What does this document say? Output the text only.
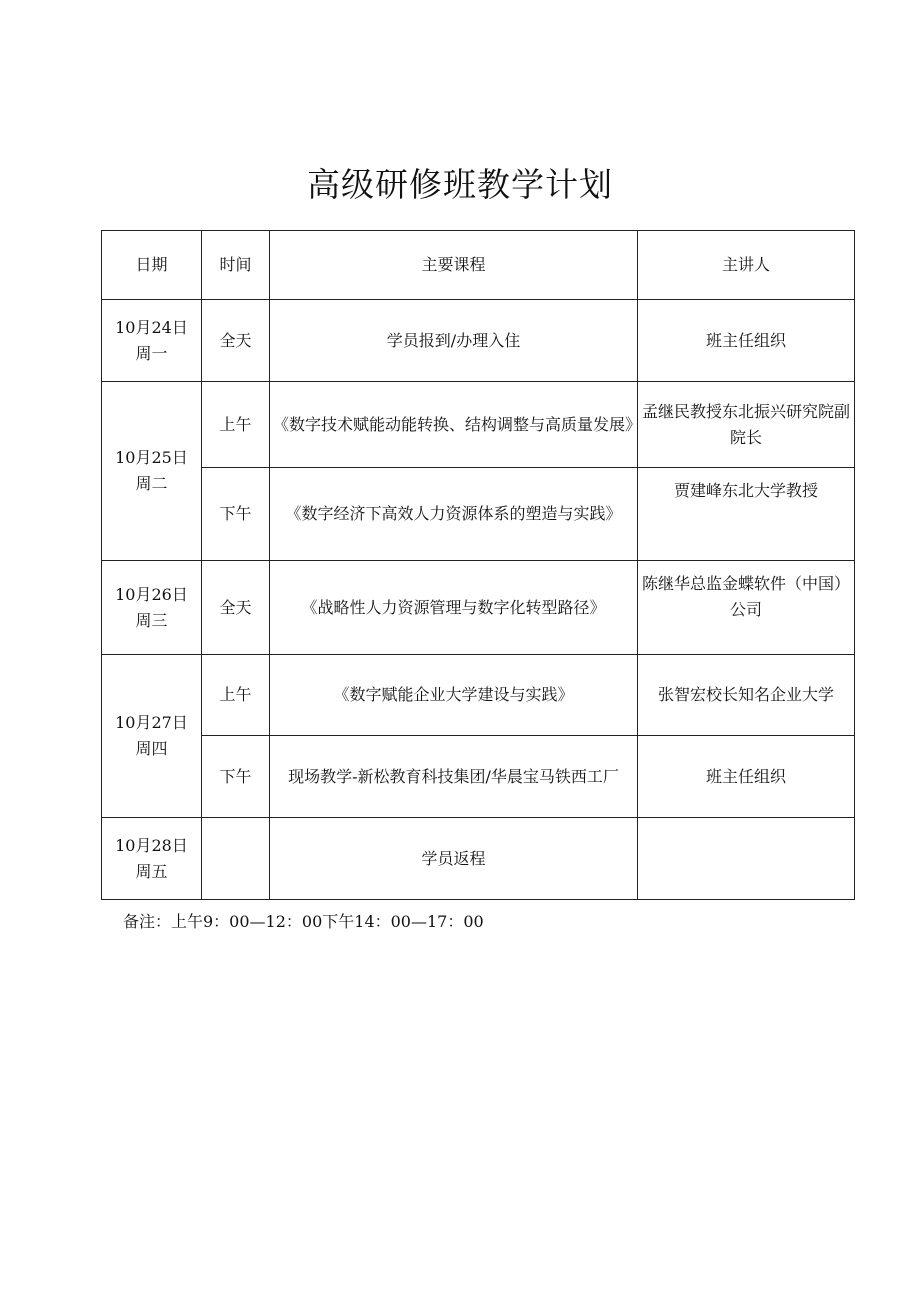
高级研修班教学计划
日期	时间	主要课程	主讲人

10月24日
周一	全天	学员报到/办理入住	班主任组织

10月25日
周二	上午	《数字技术赋能动能转换、结构调整与高质量发展》	孟继民教授东北振兴研究院副院长
	下午	《数字经济下高效人力资源体系的塑造与实践》	贾建峰东北大学教授

10月26日
周三	全天	《战略性人力资源管理与数字化转型路径》	陈继华总监金蝶软件（中国）公司

10月27日
周四	上午	《数字赋能企业大学建设与实践》	张智宏校长知名企业大学
	下午	现场教学-新松教育科技集团/华晨宝马铁西工厂	班主任组织

10月28日
周五		学员返程	
备注：上午9：00—12：00下午14：00—17：00
